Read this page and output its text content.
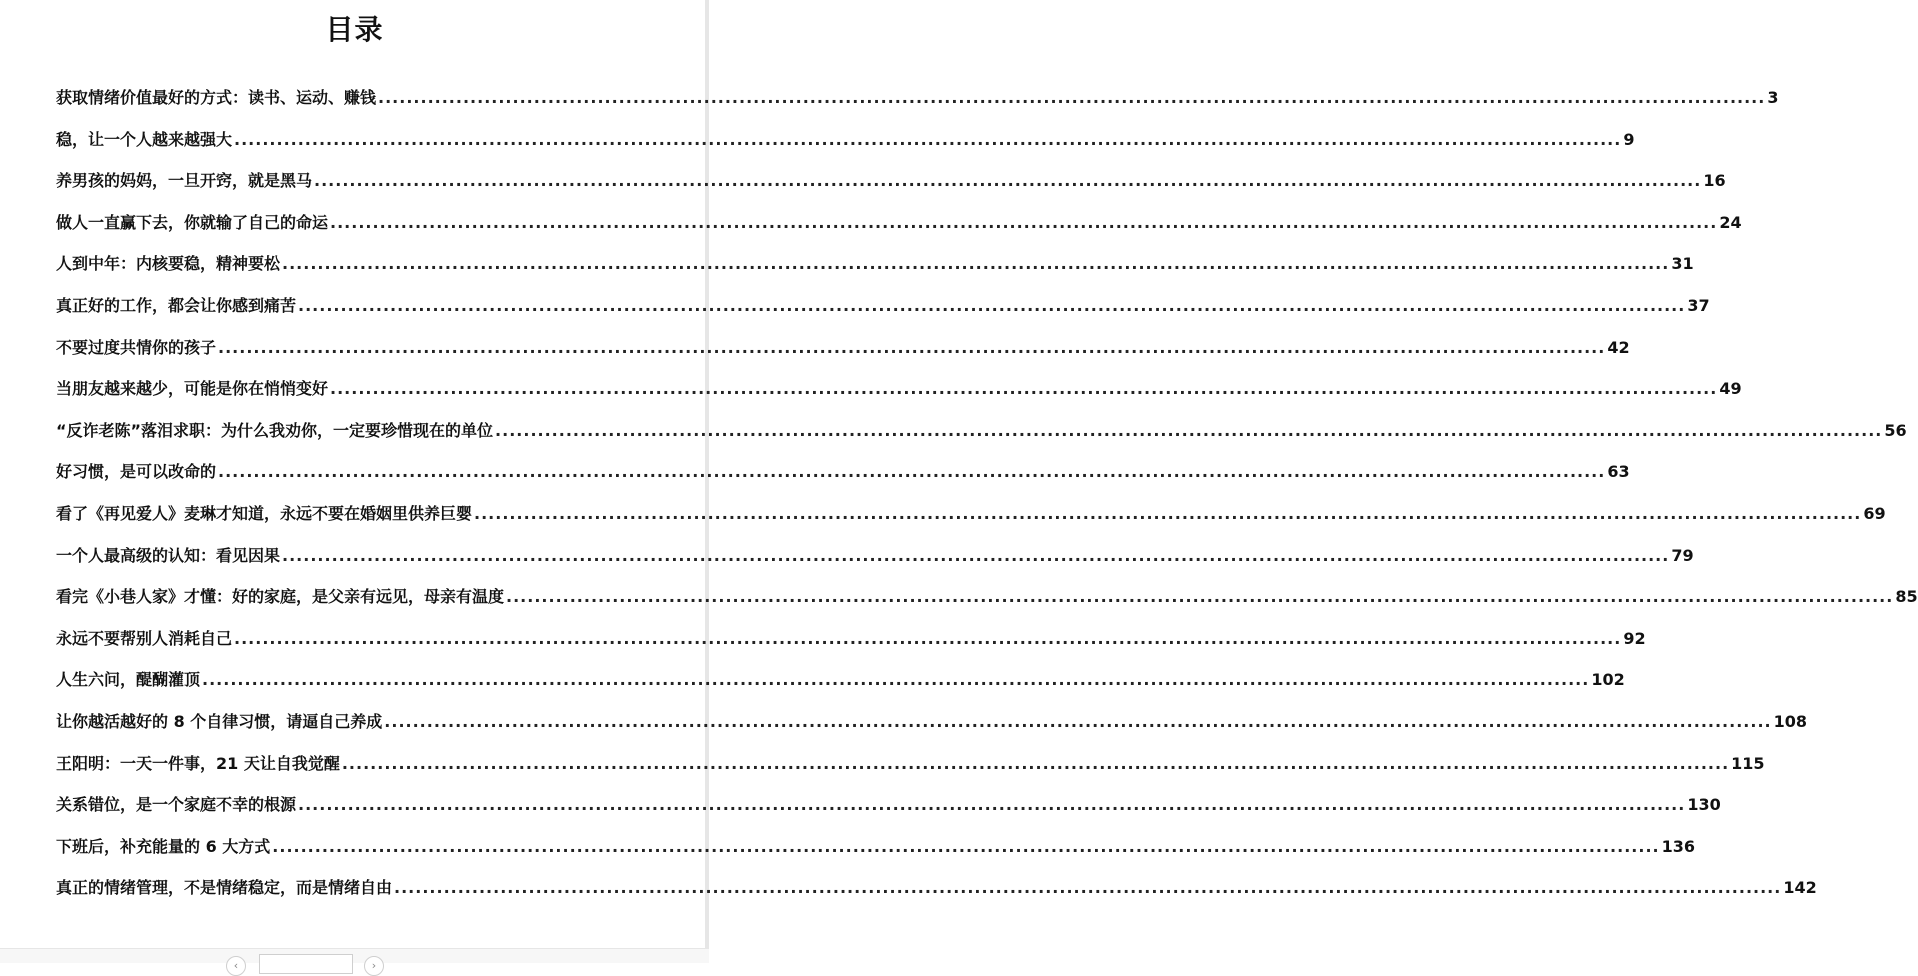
目录
获取情绪价值最好的方式：读书、运动、赚钱 .....	3
稳，让一个人越来越强大 .....	9
养男孩的妈妈，一旦开窍，就是黑马 .....	16
做人一直赢下去，你就输了自己的命运 .....	24
人到中年：内核要稳，精神要松 .....	31
真正好的工作，都会让你感到痛苦 .....	37
不要过度共情你的孩子 .....	42
当朋友越来越少，可能是你在悄悄变好 .....	49
“反诈老陈”落泪求职：为什么我劝你，一定要珍惜现在的单位 .....	56
好习惯，是可以改命的 .....	63
看了《再见爱人》麦琳才知道，永远不要在婚姻里供养巨婴 .....	69
一个人最高级的认知：看见因果 .....	79
看完《小巷人家》才懂：好的家庭，是父亲有远见，母亲有温度 .....	85
永远不要帮别人消耗自己 .....	92
人生六问，醍醐灌顶 .....	102
让你越活越好的 8 个自律习惯，请逼自己养成 .....	108
王阳明：一天一件事，21 天让自我觉醒 .....	115
关系错位，是一个家庭不幸的根源 .....	130
下班后，补充能量的 6 大方式 .....	136
真正的情绪管理，不是情绪稳定，而是情绪自由 .....	142
‹	›
